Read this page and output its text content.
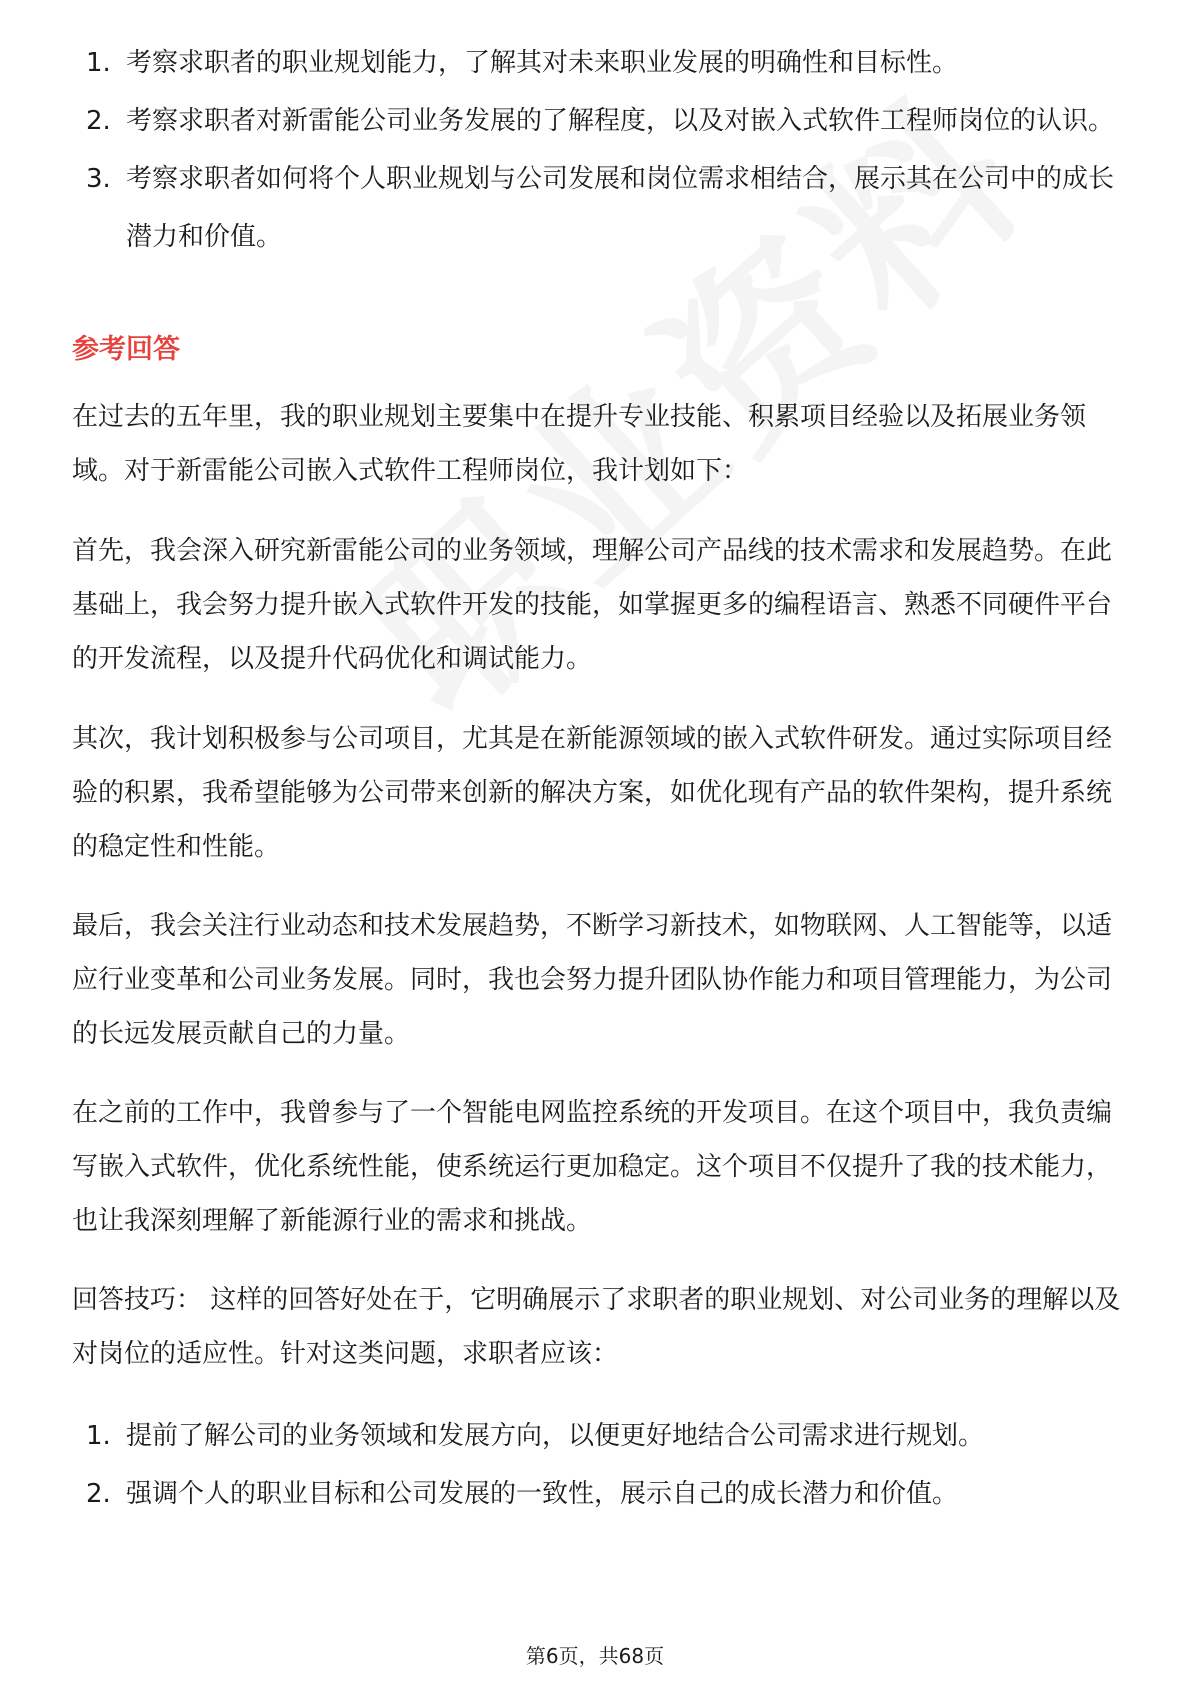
1. 考察求职者的职业规划能力，了解其对未来职业发展的明确性和目标性。
2. 考察求职者对新雷能公司业务发展的了解程度，以及对嵌入式软件工程师岗位的认识。
3. 考察求职者如何将个人职业规划与公司发展和岗位需求相结合，展示其在公司中的成长潜力和价值。
参考回答

在过去的五年里，我的职业规划主要集中在提升专业技能、积累项目经验以及拓展业务领域。对于新雷能公司嵌入式软件工程师岗位，我计划如下：

首先，我会深入研究新雷能公司的业务领域，理解公司产品线的技术需求和发展趋势。在此基础上，我会努力提升嵌入式软件开发的技能，如掌握更多的编程语言、熟悉不同硬件平台的开发流程，以及提升代码优化和调试能力。

其次，我计划积极参与公司项目，尤其是在新能源领域的嵌入式软件研发。通过实际项目经验的积累，我希望能够为公司带来创新的解决方案，如优化现有产品的软件架构，提升系统的稳定性和性能。

最后，我会关注行业动态和技术发展趋势，不断学习新技术，如物联网、人工智能等，以适应行业变革和公司业务发展。同时，我也会努力提升团队协作能力和项目管理能力，为公司的长远发展贡献自己的力量。

在之前的工作中，我曾参与了一个智能电网监控系统的开发项目。在这个项目中，我负责编写嵌入式软件，优化系统性能，使系统运行更加稳定。这个项目不仅提升了我的技术能力，也让我深刻理解了新能源行业的需求和挑战。

回答技巧： 这样的回答好处在于，它明确展示了求职者的职业规划、对公司业务的理解以及对岗位的适应性。针对这类问题，求职者应该：

1. 提前了解公司的业务领域和发展方向，以便更好地结合公司需求进行规划。
2. 强调个人的职业目标和公司发展的一致性，展示自己的成长潜力和价值。
第6页，共68页
